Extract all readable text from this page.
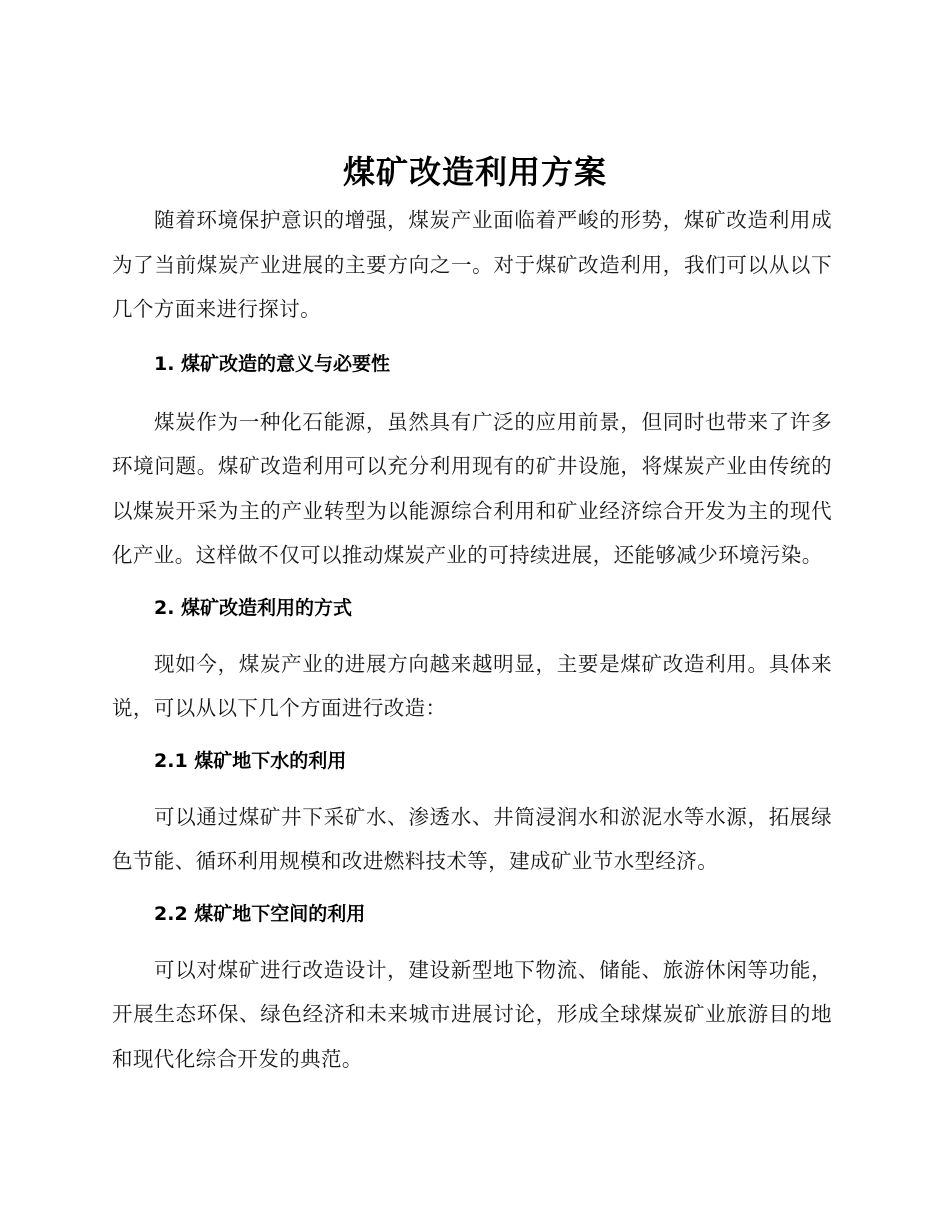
煤矿改造利用方案

随着环境保护意识的增强，煤炭产业面临着严峻的形势，煤矿改造利用成为了当前煤炭产业进展的主要方向之一。对于煤矿改造利用，我们可以从以下几个方面来进行探讨。

1. 煤矿改造的意义与必要性

煤炭作为一种化石能源，虽然具有广泛的应用前景，但同时也带来了许多环境问题。煤矿改造利用可以充分利用现有的矿井设施，将煤炭产业由传统的以煤炭开采为主的产业转型为以能源综合利用和矿业经济综合开发为主的现代化产业。这样做不仅可以推动煤炭产业的可持续进展，还能够减少环境污染。

2. 煤矿改造利用的方式

现如今，煤炭产业的进展方向越来越明显，主要是煤矿改造利用。具体来说，可以从以下几个方面进行改造：

2.1 煤矿地下水的利用

可以通过煤矿井下采矿水、渗透水、井筒浸润水和淤泥水等水源，拓展绿色节能、循环利用规模和改进燃料技术等，建成矿业节水型经济。

2.2 煤矿地下空间的利用

可以对煤矿进行改造设计，建设新型地下物流、储能、旅游休闲等功能，开展生态环保、绿色经济和未来城市进展讨论，形成全球煤炭矿业旅游目的地和现代化综合开发的典范。
